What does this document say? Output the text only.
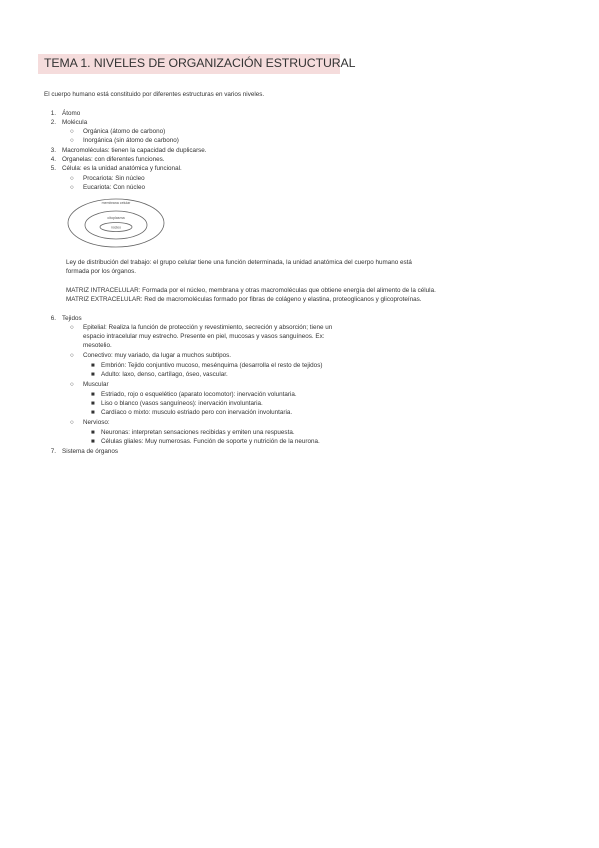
TEMA 1. NIVELES DE ORGANIZACIÓN ESTRUCTURAL
El cuerpo humano está constituido por diferentes estructuras en varios niveles.
1. Átomo
2. Molécula
○ Orgánica (átomo de carbono)
○ Inorgánica (sin átomo de carbono)
3. Macromoléculas: tienen la capacidad de duplicarse.
4. Organelas: con diferentes funciones.
5. Célula: es la unidad anatómica y funcional.
○ Procariota: Sin núcleo
○ Eucariota: Con núcleo
membrana celular
citoplasma
núcleo
Ley de distribución del trabajo: el grupo celular tiene una función determinada, la unidad anatómica del cuerpo humano está
formada por los órganos.
MATRIZ INTRACELULAR: Formada por el núcleo, membrana y otras macromoléculas que obtiene energía del alimento de la célula.
MATRIZ EXTRACELULAR: Red de macromoléculas formado por fibras de colágeno y elastina, proteoglicanos y glicoproteínas.
6. Tejidos
○ Epitelial: Realiza la función de protección y revestimiento, secreción y absorción; tiene un
espacio intracelular muy estrecho. Presente en piel, mucosas y vasos sanguíneos. Ex:
mesotelio.
○ Conectivo: muy variado, da lugar a muchos subtipos.
■ Embrión: Tejido conjuntivo mucoso, mesénquima (desarrolla el resto de tejidos)
■ Adulto: laxo, denso, cartílago, óseo, vascular.
○ Muscular
■ Estriado, rojo o esquelético (aparato locomotor): inervación voluntaria.
■ Liso o blanco (vasos sanguíneos): inervación involuntaria.
■ Cardíaco o mixto: musculo estriado pero con inervación involuntaria.
○ Nervioso:
■ Neuronas: interpretan sensaciones recibidas y emiten una respuesta.
■ Células gliales: Muy numerosas. Función de soporte y nutrición de la neurona.
7. Sistema de órganos
